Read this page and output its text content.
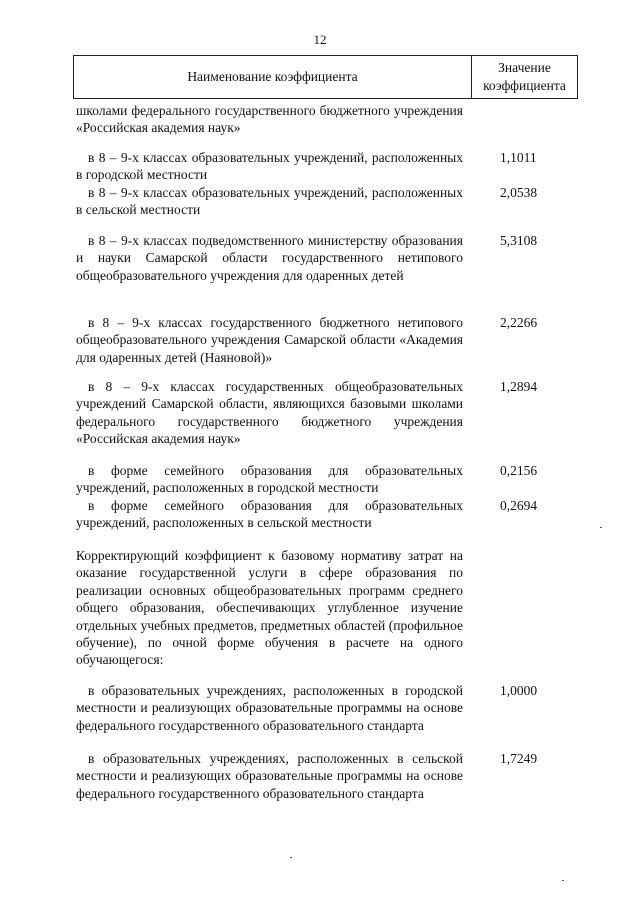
12
Наименование коэффициента
Значение коэффициента
школами федерального государственного бюджетного учреждения «Российская академия наук»
в 8 – 9-х классах образовательных учреждений, расположенных в городской местности
1,1011
в 8 – 9-х классах образовательных учреждений, расположенных в сельской местности
2,0538
в 8 – 9-х классах подведомственного министерству образования и науки Самарской области государственного нетипового общеобразовательного учреждения для одаренных детей
5,3108
в 8 – 9-х классах государственного бюджетного нетипового общеобразовательного учреждения Самарской области «Академия для одаренных детей (Наяновой)»
2,2266
в 8 – 9-х классах государственных общеобразовательных учреждений Самарской области, являющихся базовыми школами федерального государственного бюджетного учреждения «Российская академия наук»
1,2894
в форме семейного образования для образовательных учреждений, расположенных в городской местности
0,2156
в форме семейного образования для образовательных учреждений, расположенных в сельской местности
0,2694
Корректирующий коэффициент к базовому нормативу затрат на оказание государственной услуги в сфере образования по реализации основных общеобразовательных программ среднего общего образования, обеспечивающих углубленное изучение отдельных учебных предметов, предметных областей (профильное обучение), по очной форме обучения в расчете на одного обучающегося:
в образовательных учреждениях, расположенных в городской местности и реализующих образовательные программы на основе федерального государственного образовательного стандарта
1,0000
в образовательных учреждениях, расположенных в сельской местности и реализующих образовательные программы на основе федерального государственного образовательного стандарта
1,7249
